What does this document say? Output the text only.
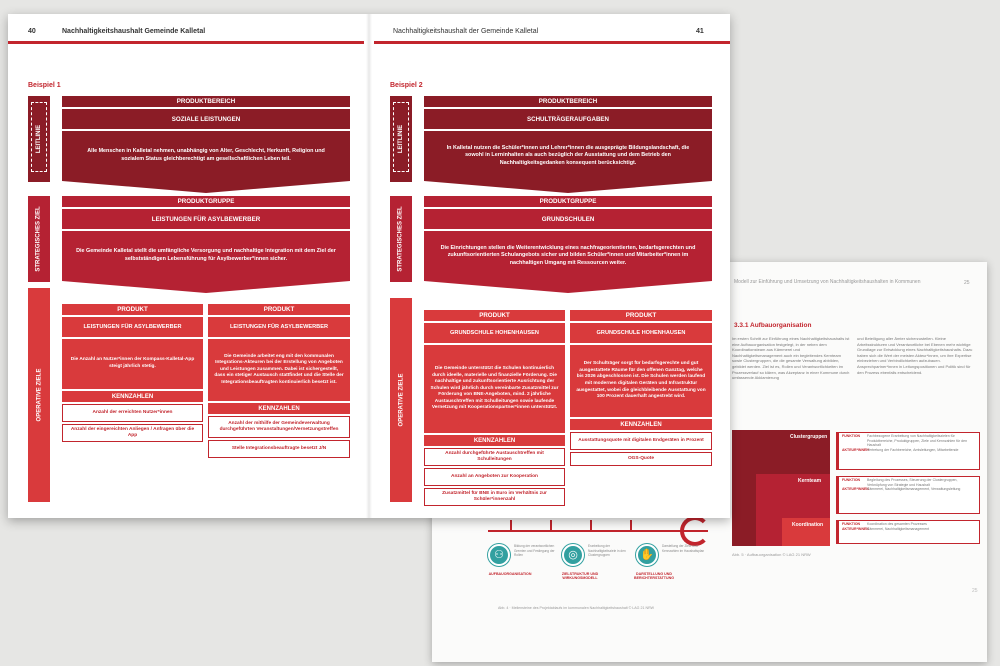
Modell zur Einführung und Umsetzung von Nachhaltigkeitshaushalten in Kommunen	25
3.3.1 Aufbauorganisation
Im ersten Schritt zur Einführung eines Nachhaltigkeitshaushalts ist eine Aufbauorganisation festgelegt, in der neben dem Koordinationsteam aus Kämmerei und Nachhaltigkeitsmanagement auch ein begleitendes Kernteam sowie Clustergruppen, die die gesamte Verwaltung abbilden, gebildet werden. Ziel ist es, Rollen und Verantwortlichkeiten im Prozessverlauf so klären, was Akzeptanz in einer Kommune durch umfassende Akklamierung
und Beteiligung aller Ämter sicherzustellen. Kleine Arbeitsstrukturen und Verantwortliche bei Ebenen mehr wichtige Grundlage zur Entwicklung eines Nachhaltigkeitshaushalts. Dazu haben sich die Wert der meisten Akteur*innen, um ihre Expertise einbeziehen und Verbindlichkeiten aufzubauen. Ansprechpartner*innen in Leitungspositionen und Politik sind für den Prozess ebenfalls entscheidend.
Clustergruppen
Kernteam
Koordination
FUNKTION	Fachbezogene Erarbeitung von Nachhaltigkeitszielen für Produktbereiche, Produktgruppen, Ziele und Kennzahlen für den Haushalt
AKTEUR*INNEN
Vertretung der Fachbereiche, Amtsleitungen, Mitarbeitende
FUNKTION	Begleitung des Prozesses, Steuerung der Clustergruppen, Verknüpfung von Strategie und Haushalt
AKTEUR*INNEN
Kämmerei, Nachhaltigkeitsmanagement, Verwaltungsleitung
FUNKTION	Koordination des gesamten Prozesses
AKTEUR*INNEN
Kämmerei, Nachhaltigkeitsmanagement
Abb. 5 · Aufbauorganisation © LAG 21 NRW
⚇	◎	✋
Bildung der verantwortlichen Gremien und Festlegung der Rollen
Erarbeitung der Nachhaltigkeitsziele in den Clustergruppen
Darstellung der Ziele und Kennzahlen im Haushaltsplan
AUFBAUORGANISATION	ZIELSTRUKTUR UND WIRKUNGSMODELL
DARSTELLUNG UND BERICHTERSTATTUNG
Abb. 4 · Meilensteine des Projektablaufs im kommunalen Nachhaltigkeitshaushalt © LAG 21 NRW
25
40	Nachhaltigkeitshaushalt Gemeinde Kalletal	Nachhaltigkeitshaushalt der Gemeinde Kalletal	41
Beispiel 1	Beispiel 2
LEITLINIE
STRATEGISCHES ZIEL
OPERATIVE ZIELE
PRODUKTBEREICH
SOZIALE LEISTUNGEN
Alle Menschen in Kalletal nehmen, unabhängig von Alter, Geschlecht, Herkunft, Religion und sozialem Status gleichberechtigt am gesellschaftlichen Leben teil.
PRODUKTGRUPPE
LEISTUNGEN FÜR ASYLBEWERBER
Die Gemeinde Kalletal stellt die umfängliche Versorgung und nachhaltige Integration mit dem Ziel der selbstständigen Lebensführung für Asylbewerber*innen sicher.
PRODUKT
LEISTUNGEN FÜR ASYLBEWERBER
Die Anzahl an Nutzer*innen der Kompass-Kalletal-App steigt jährlich stetig.
KENNZAHLEN
Anzahl der erreichten Nutzer*innen
Anzahl der eingereichten Anliegen / Anfragen über die App
PRODUKT
LEISTUNGEN FÜR ASYLBEWERBER
Die Gemeinde arbeitet eng mit den kommunalen Integrations-Akteuren bei der Erstellung von Angeboten und Leistungen zusammen. Dabei ist sichergestellt, dass ein stetiger Austausch stattfindet und die Stelle der Integrationsbeauftragten kontinuierlich besetzt ist.
KENNZAHLEN
Anzahl der mithilfe der Gemeindeverwaltung durchgeführten Veranstaltungen/Vernetzungstreffen
Stelle Integrationsbeauftragte besetzt J/N
LEITLINIE
STRATEGISCHES ZIEL
OPERATIVE ZIELE
PRODUKTBEREICH
SCHULTRÄGERAUFGABEN
In Kalletal nutzen die Schüler*innen und Lehrer*innen die ausgeprägte Bildungslandschaft, die sowohl in Lerninhalten als auch bezüglich der Ausstattung und dem Betrieb den Nachhaltigkeitsgedanken konsequent berücksichtigt.
PRODUKTGRUPPE
GRUNDSCHULEN
Die Einrichtungen stellen die Weiterentwicklung eines nachfrageorientierten, bedarfsgerechten und zukunftsorientierten Schulangebots sicher und bilden Schüler*innen und Mitarbeiter*innen im nachhaltigen Umgang mit Ressourcen weiter.
PRODUKT
GRUNDSCHULE HOHENHAUSEN
Die Gemeinde unterstützt die Schulen kontinuierlich durch ideelle, materielle und finanzielle Förderung. Die nachhaltige und zukunftsorientierte Ausrichtung der Schulen wird jährlich durch vereinbarte Zusatzmittel zur Förderung von BNE-Angeboten, mind. 2 jährliche Austauschtreffen mit Schulleitungen sowie laufende Vernetzung mit Kooperationspartner*innen unterstützt.
KENNZAHLEN
Anzahl durchgeführte Austauschtreffen mit Schulleitungen
Anzahl an Angeboten zur Kooperation
Zusatzmittel für BNE in Euro im Verhältnis zur Schüler*innenzahl
PRODUKT
GRUNDSCHULE HOHENHAUSEN
Der Schulträger sorgt für bedarfsgerechte und gut ausgestattete Räume für den offenen Ganztag, welche bis 2026 abgeschlossen ist. Die Schulen werden laufend mit modernen digitalen Geräten und Infrastruktur ausgestattet, wobei die gleichbleibende Ausstattung von 100 Prozent dauerhaft angestrebt wird.
KENNZAHLEN
Ausstattungsquote mit digitalen Endgeräten in Prozent
OGS-Quote
